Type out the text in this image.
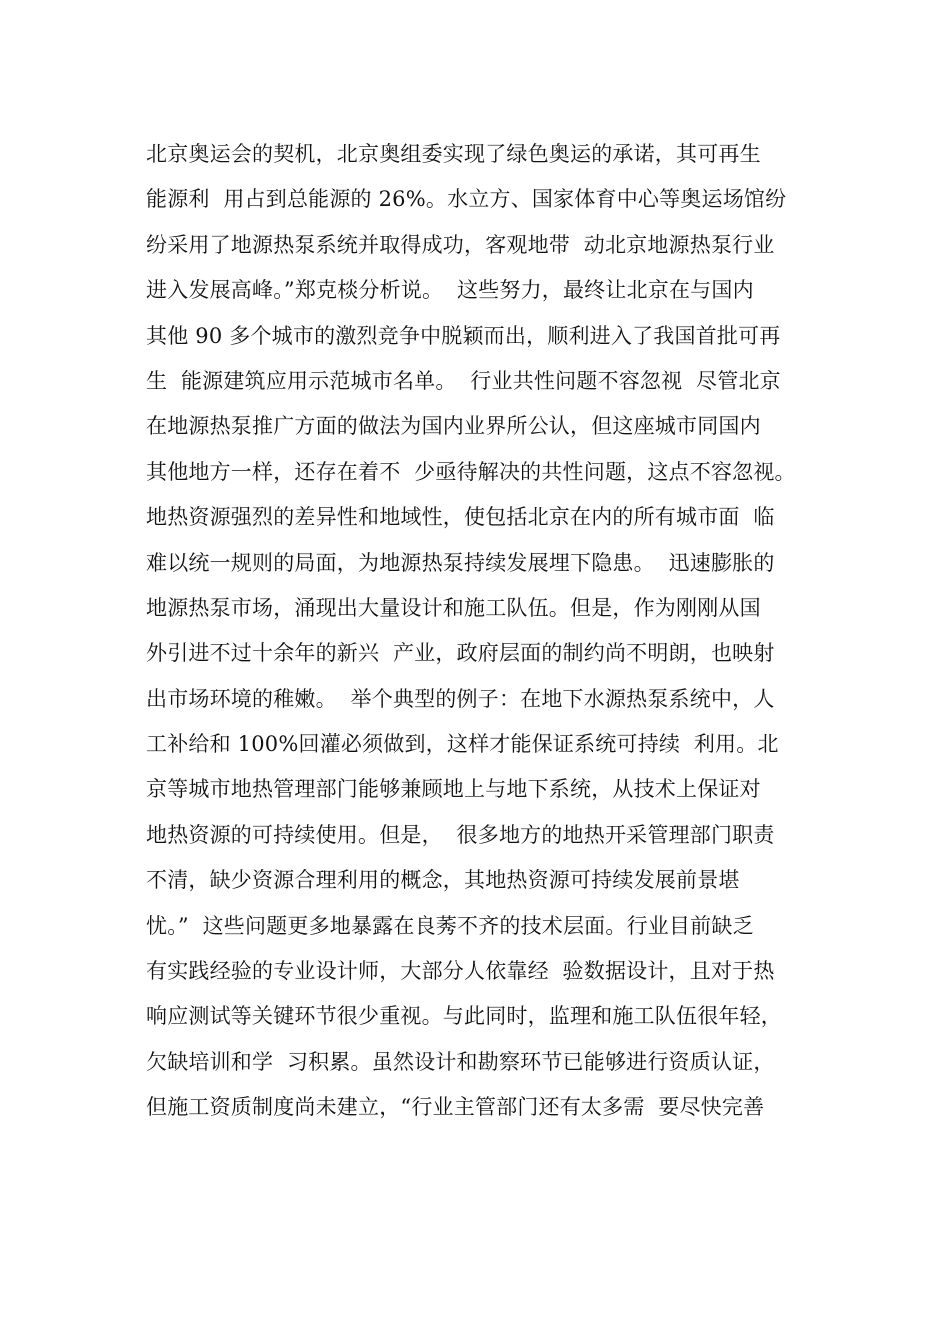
北京奥运会的契机，北京奥组委实现了绿色奥运的承诺，其可再生
能源利  用占到总能源的 26%。水立方、国家体育中心等奥运场馆纷
纷采用了地源热泵系统并取得成功，客观地带  动北京地源热泵行业
进入发展高峰。”郑克棪分析说。  这些努力，最终让北京在与国内
其他 90 多个城市的激烈竞争中脱颖而出，顺利进入了我国首批可再
生  能源建筑应用示范城市名单。  行业共性问题不容忽视  尽管北京
在地源热泵推广方面的做法为国内业界所公认，但这座城市同国内
其他地方一样，还存在着不  少亟待解决的共性问题，这点不容忽视。
地热资源强烈的差异性和地域性，使包括北京在内的所有城市面  临
难以统一规则的局面，为地源热泵持续发展埋下隐患。  迅速膨胀的
地源热泵市场，涌现出大量设计和施工队伍。但是，作为刚刚从国
外引进不过十余年的新兴  产业，政府层面的制约尚不明朗，也映射
出市场环境的稚嫩。  举个典型的例子：在地下水源热泵系统中，人
工补给和 100%回灌必须做到，这样才能保证系统可持续  利用。北
京等城市地热管理部门能够兼顾地上与地下系统，从技术上保证对
地热资源的可持续使用。但是，  很多地方的地热开采管理部门职责
不清，缺少资源合理利用的概念，其地热资源可持续发展前景堪
忧。”  这些问题更多地暴露在良莠不齐的技术层面。行业目前缺乏
有实践经验的专业设计师，大部分人依靠经  验数据设计，且对于热
响应测试等关键环节很少重视。与此同时，监理和施工队伍很年轻，
欠缺培训和学  习积累。虽然设计和勘察环节已能够进行资质认证，
但施工资质制度尚未建立，“行业主管部门还有太多需  要尽快完善
